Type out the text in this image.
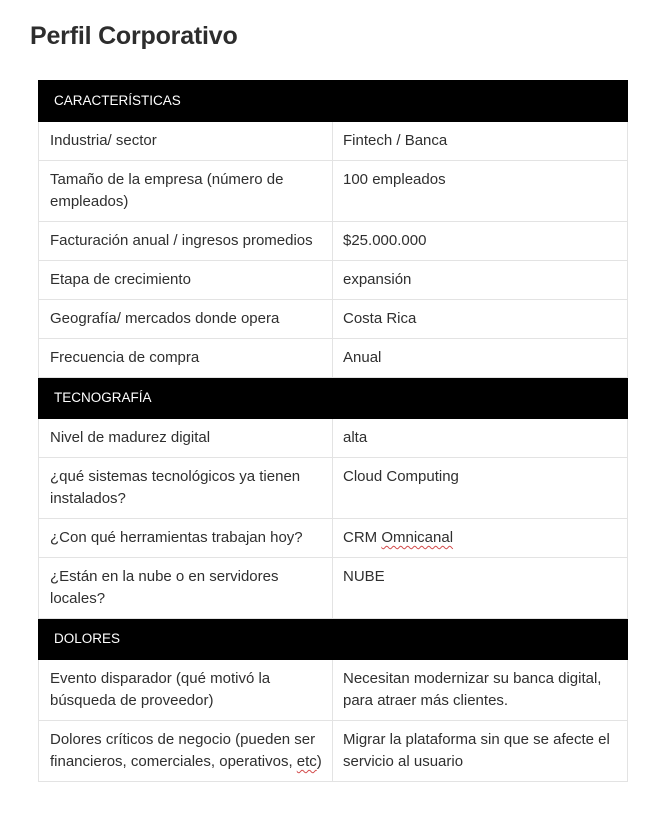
Perfil Corporativo
CARACTERÍSTICAS	
Industria/ sector	Fintech / Banca
Tamaño de la empresa (número de empleados)	100 empleados
Facturación anual / ingresos promedios	$25.000.000
Etapa de crecimiento	expansión
Geografía/ mercados donde opera	Costa Rica
Frecuencia de compra	Anual
TECNOGRAFÍA	
Nivel de madurez digital	alta
¿qué sistemas tecnológicos ya tienen instalados?	Cloud Computing
¿Con qué herramientas trabajan hoy?	CRM Omnicanal
¿Están en la nube o en servidores locales?	NUBE
DOLORES	
Evento disparador (qué motivó la búsqueda de proveedor)	Necesitan modernizar su banca digital, para atraer más clientes.
Dolores críticos de negocio (pueden ser financieros, comerciales, operativos, etc)	Migrar la plataforma sin que se afecte el servicio al usuario
